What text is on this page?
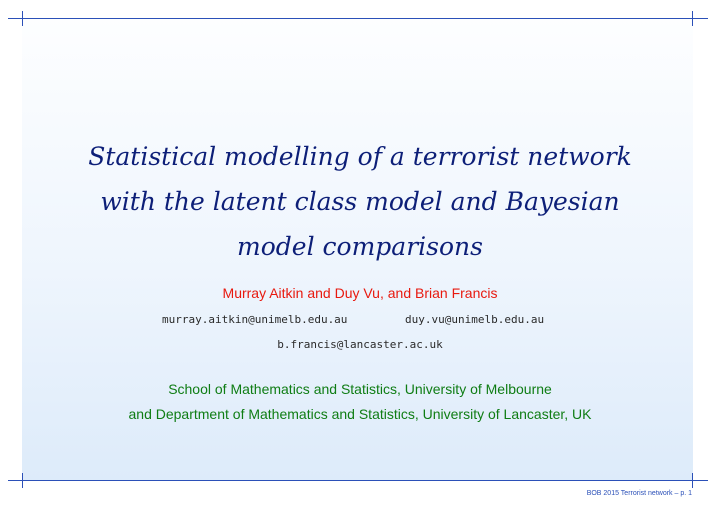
Statistical modelling of a terrorist network
with the latent class model and Bayesian
model comparisons
Murray Aitkin and Duy Vu, and Brian Francis
murray.aitkin@unimelb.edu.au	duy.vu@unimelb.edu.au
b.francis@lancaster.ac.uk
School of Mathematics and Statistics, University of Melbourne
and Department of Mathematics and Statistics, University of Lancaster, UK
BOB 2015 Terrorist network – p. 1
